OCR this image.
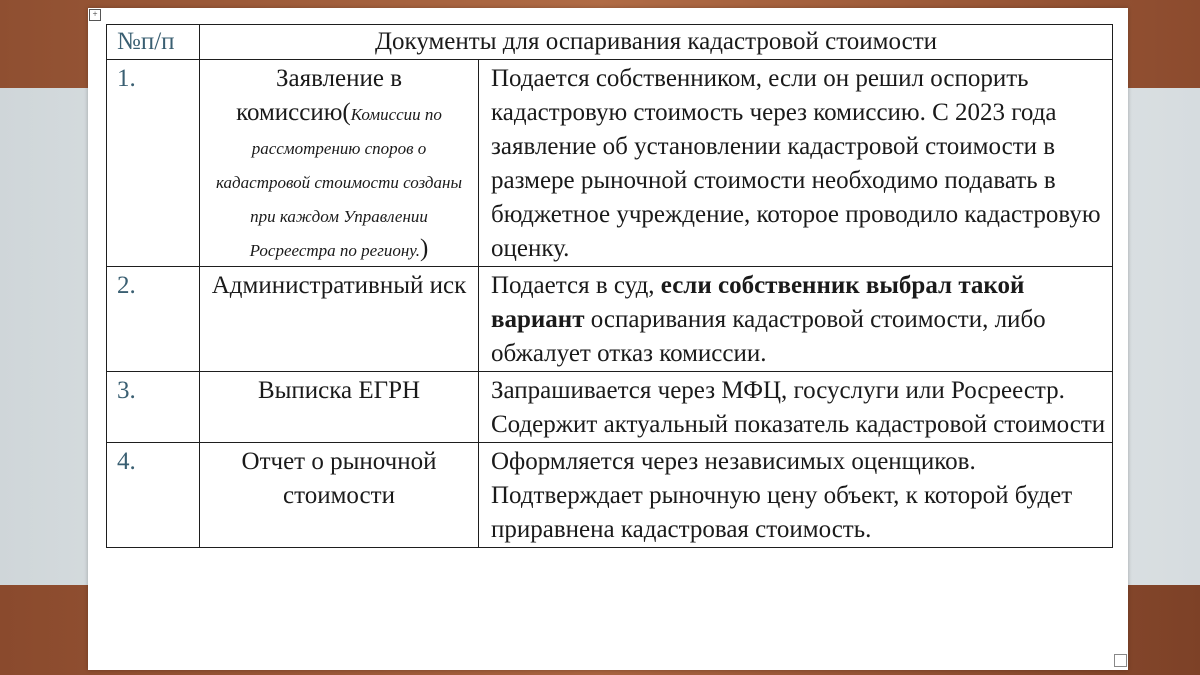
+
№п/п	Документы для оспаривания кадастровой стоимости	
1.	Заявление в комиссию(Комиссии по рассмотрению споров о кадастровой стоимости созданы при каждом Управлении Росреестра по региону.)	Подается собственником, если он решил оспорить кадастровую стоимость через комиссию. С 2023 года заявление об установлении кадастровой стоимости в размере рыночной стоимости необходимо подавать в бюджетное учреждение, которое проводило кадастровую оценку.
2.	Административный иск	Подается в суд, если собственник выбрал такой вариант оспаривания кадастровой стоимости, либо обжалует отказ комиссии.
3.	Выписка ЕГРН	Запрашивается через МФЦ, госуслуги или Росреестр. Содержит актуальный показатель кадастровой стоимости
4.	Отчет о рыночной стоимости	Оформляется через независимых оценщиков. Подтверждает рыночную цену объект, к которой будет приравнена кадастровая стоимость.
